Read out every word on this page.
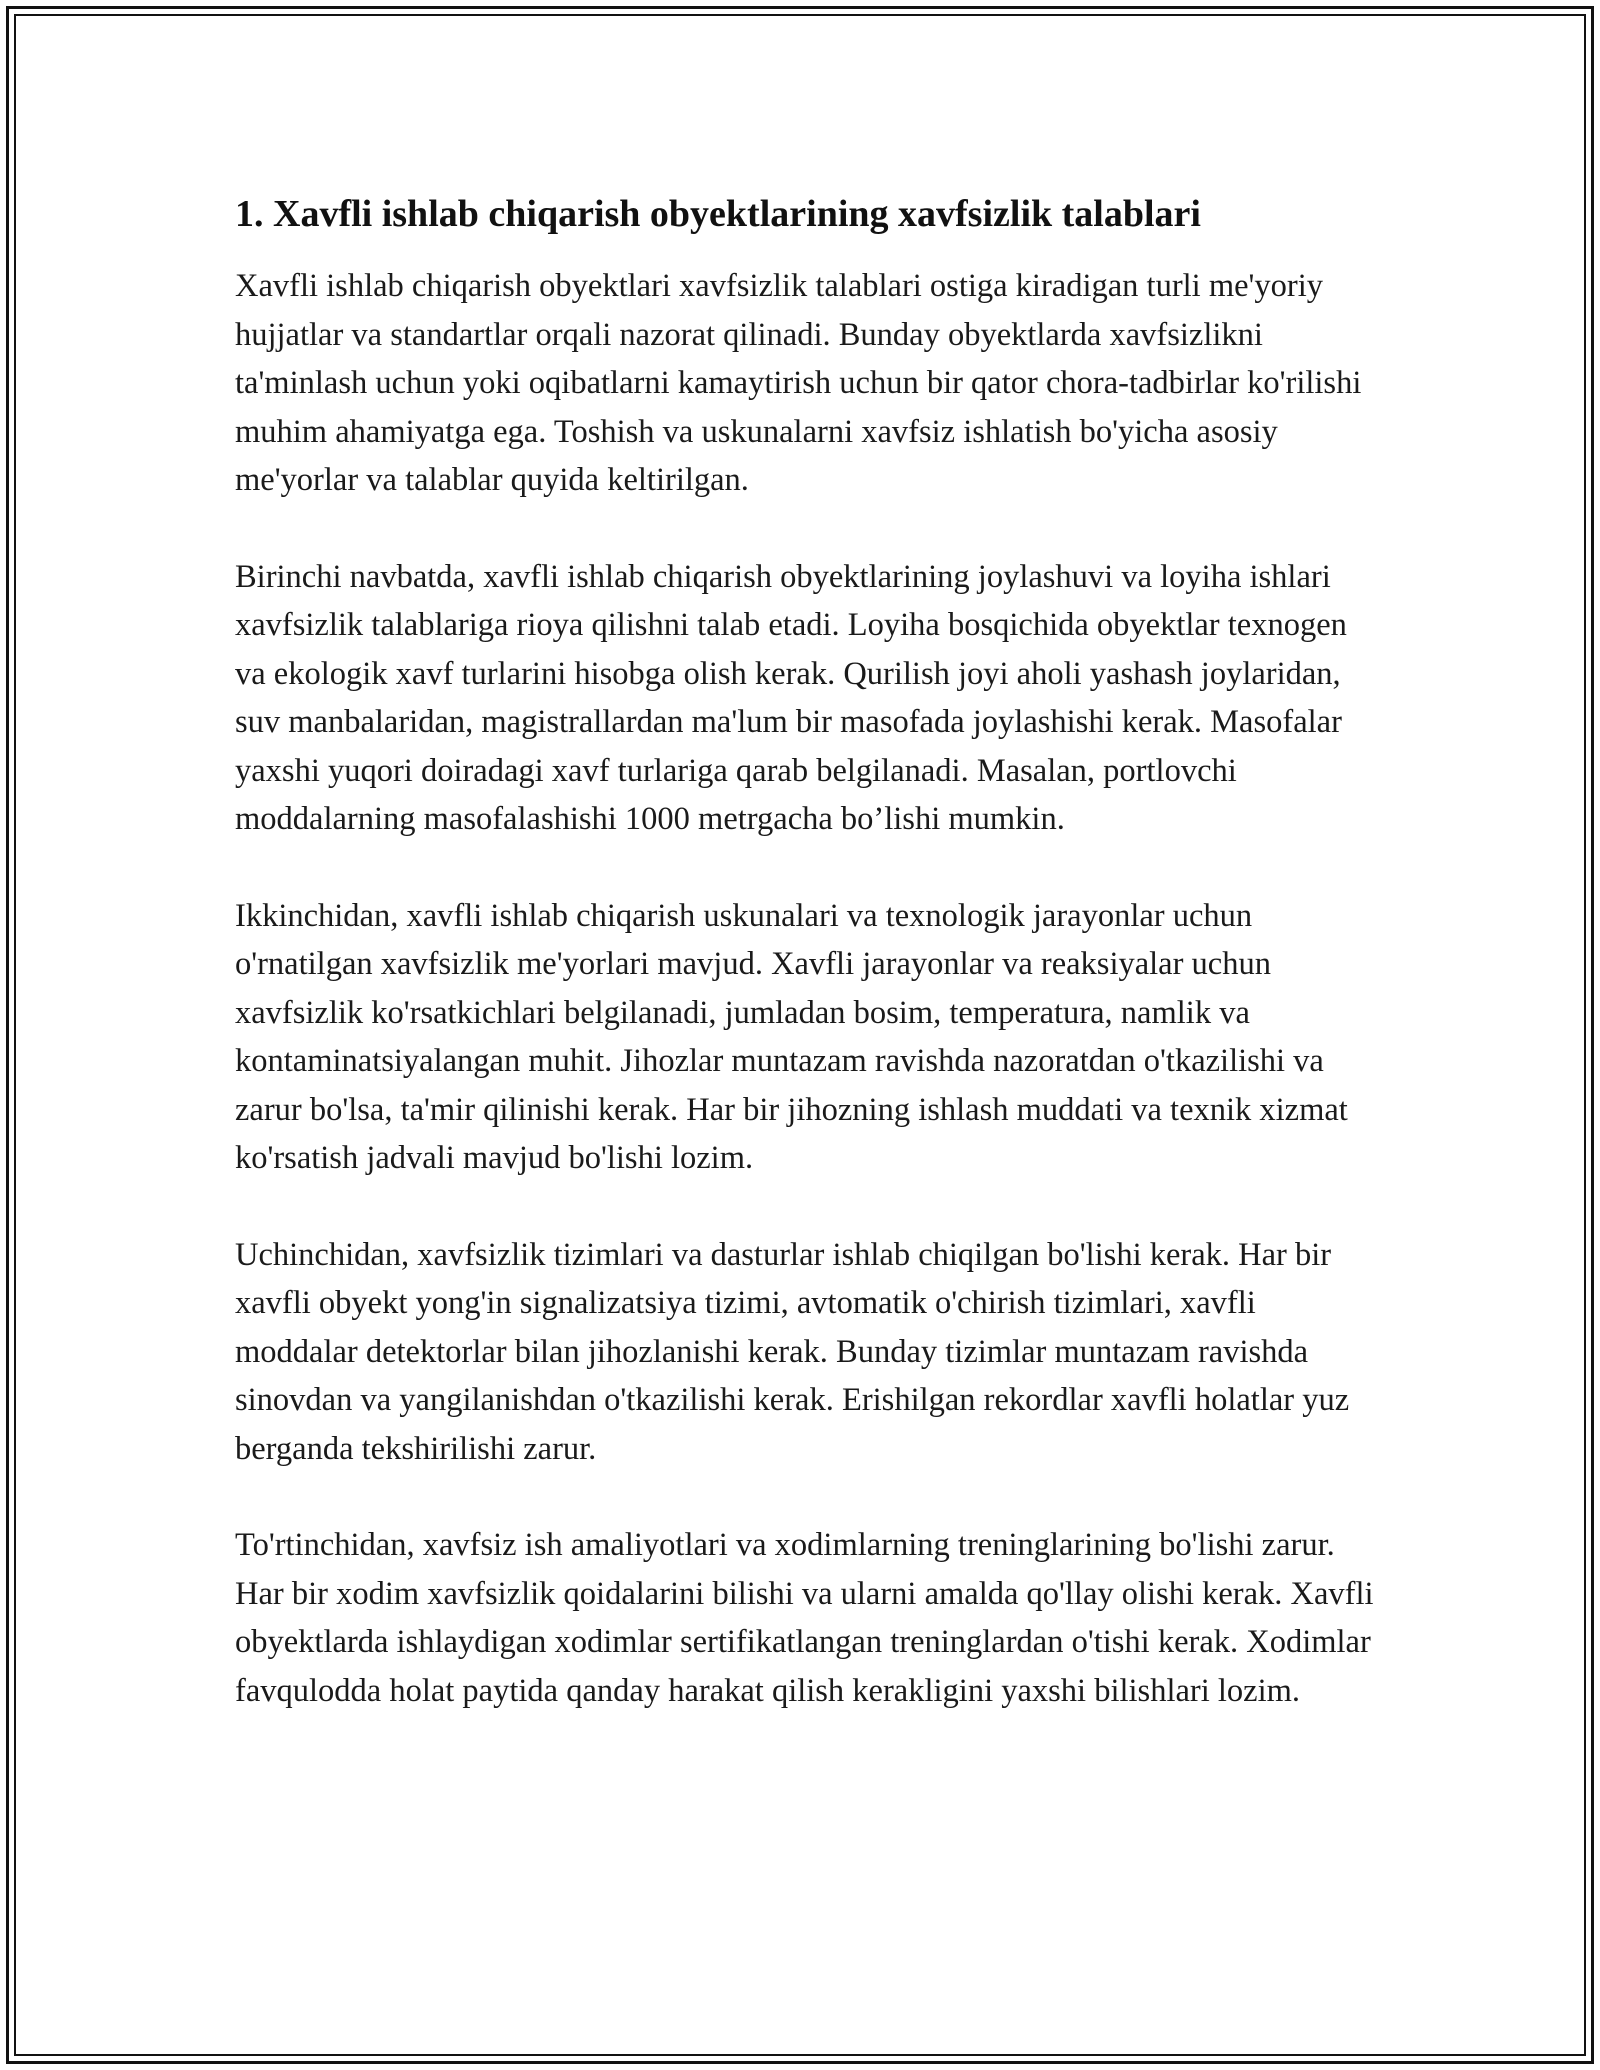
1. Xavfli ishlab chiqarish obyektlarining xavfsizlik talablari

Xavfli ishlab chiqarish obyektlari xavfsizlik talablari ostiga kiradigan turli me'yoriy hujjatlar va standartlar orqali nazorat qilinadi. Bunday obyektlarda xavfsizlikni ta'minlash uchun yoki oqibatlarni kamaytirish uchun bir qator chora-tadbirlar ko'rilishi muhim ahamiyatga ega. Toshish va uskunalarni xavfsiz ishlatish bo'yicha asosiy me'yorlar va talablar quyida keltirilgan.

Birinchi navbatda, xavfli ishlab chiqarish obyektlarining joylashuvi va loyiha ishlari xavfsizlik talablariga rioya qilishni talab etadi. Loyiha bosqichida obyektlar texnogen va ekologik xavf turlarini hisobga olish kerak. Qurilish joyi aholi yashash joylaridan, suv manbalaridan, magistrallardan ma'lum bir masofada joylashishi kerak. Masofalar yaxshi yuqori doiradagi xavf turlariga qarab belgilanadi. Masalan, portlovchi moddalarning masofalashishi 1000 metrgacha bo’lishi mumkin.

Ikkinchidan, xavfli ishlab chiqarish uskunalari va texnologik jarayonlar uchun o'rnatilgan xavfsizlik me'yorlari mavjud. Xavfli jarayonlar va reaksiyalar uchun xavfsizlik ko'rsatkichlari belgilanadi, jumladan bosim, temperatura, namlik va kontaminatsiyalangan muhit. Jihozlar muntazam ravishda nazoratdan o'tkazilishi va zarur bo'lsa, ta'mir qilinishi kerak. Har bir jihozning ishlash muddati va texnik xizmat ko'rsatish jadvali mavjud bo'lishi lozim.

Uchinchidan, xavfsizlik tizimlari va dasturlar ishlab chiqilgan bo'lishi kerak. Har bir xavfli obyekt yong'in signalizatsiya tizimi, avtomatik o'chirish tizimlari, xavfli moddalar detektorlar bilan jihozlanishi kerak. Bunday tizimlar muntazam ravishda sinovdan va yangilanishdan o'tkazilishi kerak. Erishilgan rekordlar xavfli holatlar yuz berganda tekshirilishi zarur.

To'rtinchidan, xavfsiz ish amaliyotlari va xodimlarning treninglarining bo'lishi zarur. Har bir xodim xavfsizlik qoidalarini bilishi va ularni amalda qo'llay olishi kerak. Xavfli obyektlarda ishlaydigan xodimlar sertifikatlangan treninglardan o'tishi kerak. Xodimlar favqulodda holat paytida qanday harakat qilish kerakligini yaxshi bilishlari lozim.
